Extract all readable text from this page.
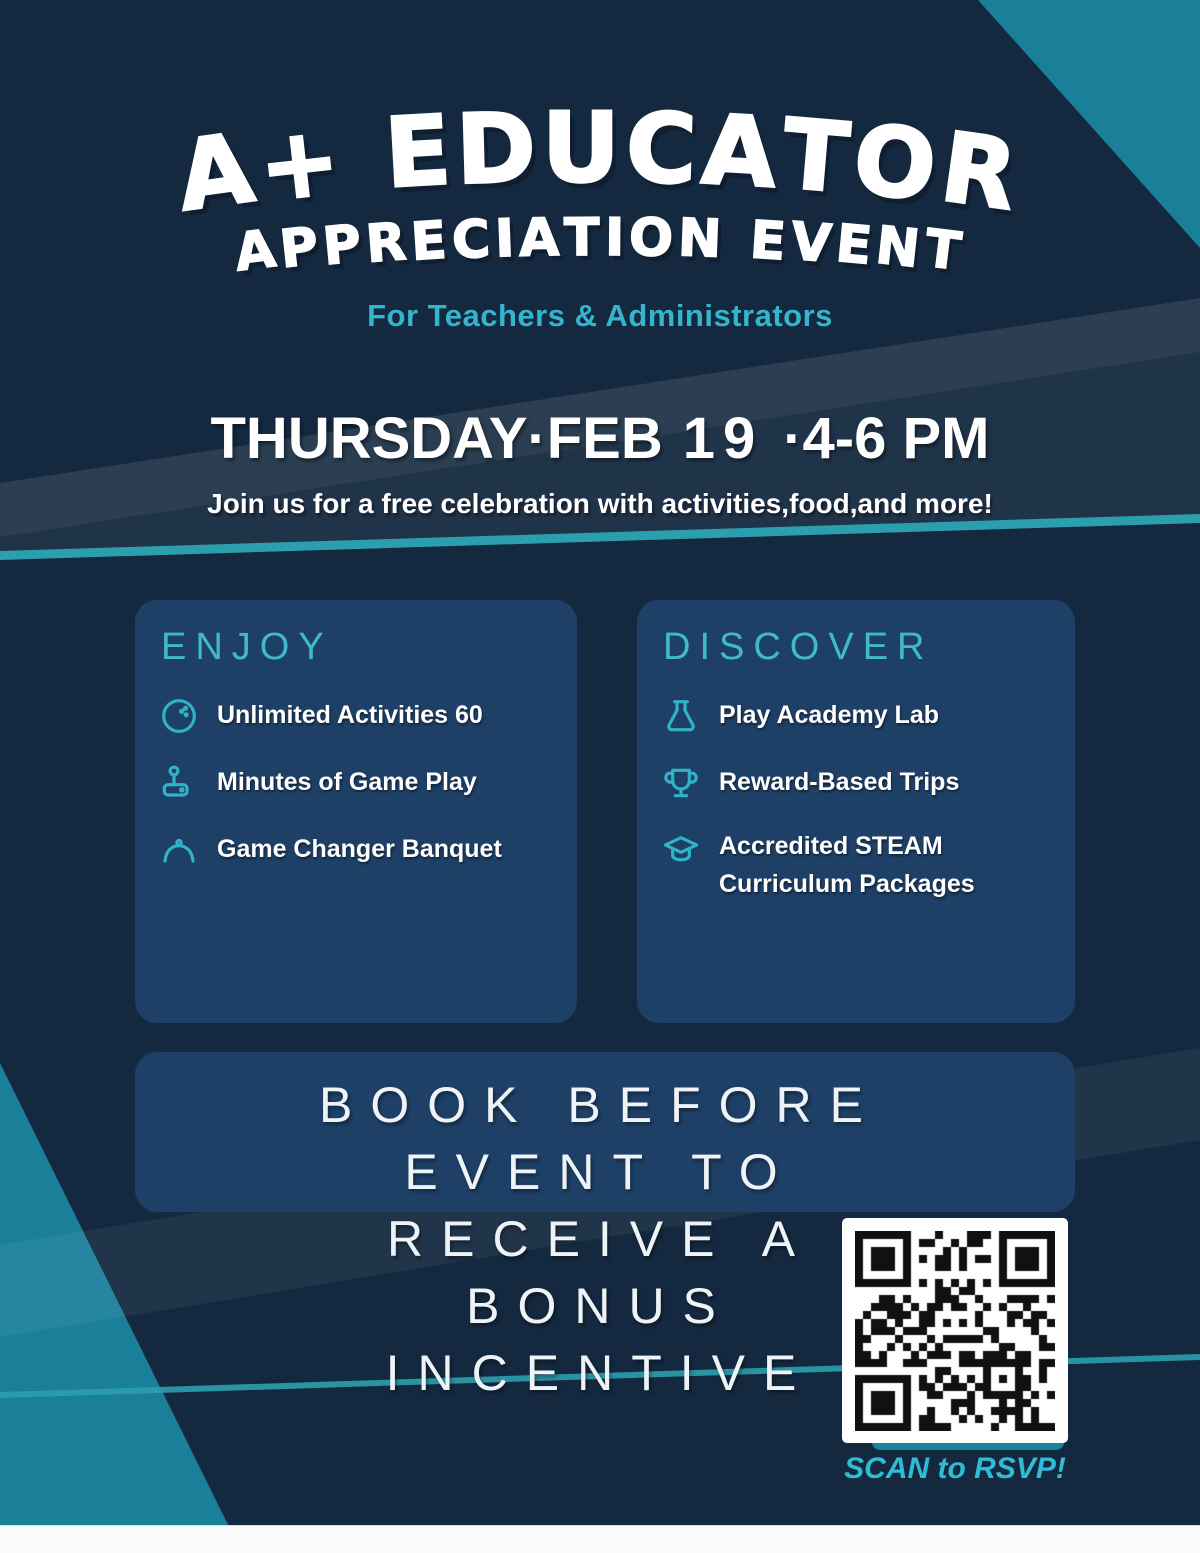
A+ EDUCATOR
APPRECIATION EVENT
For Teachers & Administrators
THURSDAY·FEB 19 ·4-6 PM
Join us for a free celebration with activities,food,and more!
ENJOY
Unlimited Activities 60
Minutes of Game Play
Game Changer Banquet
DISCOVER
Play Academy Lab
Reward-Based Trips
Accredited STEAM Curriculum Packages
BOOK BEFORE
EVENT TO
RECEIVE A
BONUS
INCENTIVE
SCAN to RSVP!
